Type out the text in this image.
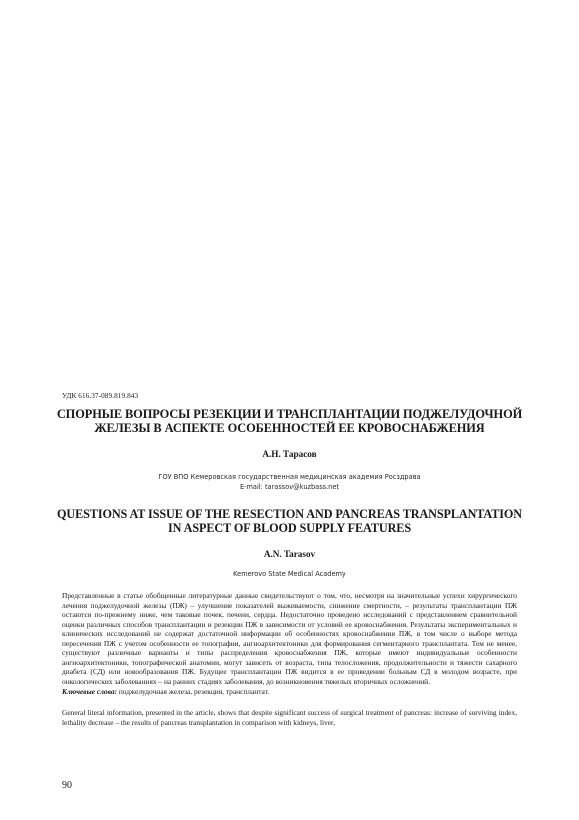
УДК 616.37-089.819.843
СПОРНЫЕ ВОПРОСЫ РЕЗЕКЦИИ И ТРАНСПЛАНТАЦИИ ПОДЖЕЛУДОЧНОЙ
ЖЕЛЕЗЫ В АСПЕКТЕ ОСОБЕННОСТЕЙ ЕЕ КРОВОСНАБЖЕНИЯ
А.Н. Тарасов
ГОУ ВПО Кемеровская государственная медицинская академия Росздрава
E-mail: tarassov@kuzbass.net
QUESTIONS AT ISSUE OF THE RESECTION AND PANCREAS TRANSPLANTATION
IN ASPECT OF BLOOD SUPPLY FEATURES
A.N. Tarasov
Kemerovo State Medical Academy

Представленные в статье обобщенные литературные данные свидетельствуют о том, что, несмотря на значительные успехи хирургического лечения поджелудочной железы (ПЖ) – улучшение показателей выживаемости, снижение смертности, – результаты трансплантации ПЖ остаются по-прежнему ниже, чем таковые почек, печени, сердца. Недостаточно проведено исследований с представлением сравнительной оценки различных способов трансплантации и резекции ПЖ в зависимости от условий ее кровоснабжения. Результаты экспериментальных и клинических исследований не содержат достаточной информации об особенностях кровоснабжения ПЖ, в том числе о выборе метода пересечения ПЖ с учетом особенности ее топографии, ангиоархитектоники для формирования сегментарного трансплантата. Тем не менее, существуют различные варианты и типы распределения кровоснабжения ПЖ, которые имеют индивидуальные особенности ангиоархитектоники, топографической анатомии, могут зависеть от возраста, типа телосложения, продолжительности и тяжести сахарного диабета (СД) или новообразования ПЖ. Будущее трансплантации ПЖ видится в ее проведении больным СД в молодом возрасте, при онкологических заболеваниях – на ранних стадиях заболевания, до возникновения тяжелых вторичных осложнений.

Ключевые слова: поджелудочная железа, резекция, трансплантат.

General literal information, presented in the article, shows that despite significant success of surgical treatment of pancreas: increase of surviving index, lethality decrease – the results of pancreas transplantation in comparison with kidneys, liver,

90
